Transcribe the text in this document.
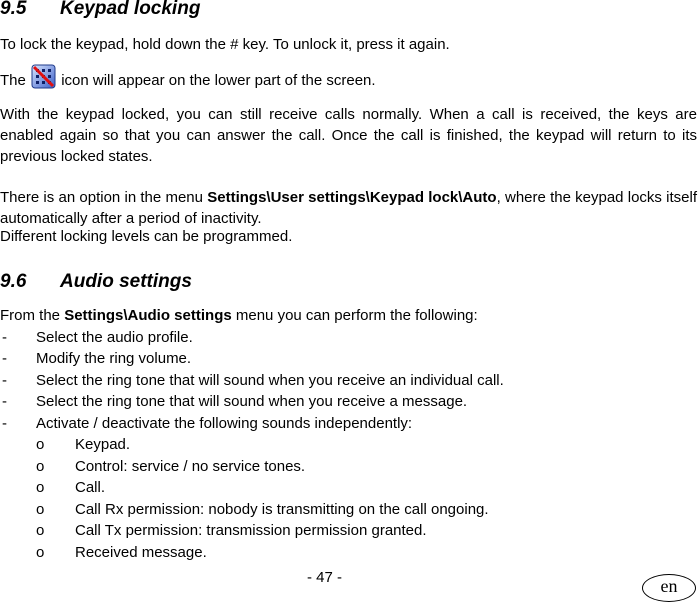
9.5 Keypad locking
To lock the keypad, hold down the # key. To unlock it, press it again.
The icon will appear on the lower part of the screen.
With the keypad locked, you can still receive calls normally. When a call is received, the keys are enabled again so that you can answer the call. Once the call is finished, the keypad will return to its previous locked states.
There is an option in the menu Settings\User settings\Keypad lock\Auto, where the keypad locks itself automatically after a period of inactivity.
Different locking levels can be programmed.
9.6 Audio settings
From the Settings\Audio settings menu you can perform the following:
- Select the audio profile.
- Modify the ring volume.
- Select the ring tone that will sound when you receive an individual call.
- Select the ring tone that will sound when you receive a message.
- Activate / deactivate the following sounds independently:
o Keypad.
o Control: service / no service tones.
o Call.
o Call Rx permission: nobody is transmitting on the call ongoing.
o Call Tx permission: transmission permission granted.
o Received message.
- 47 -	en
